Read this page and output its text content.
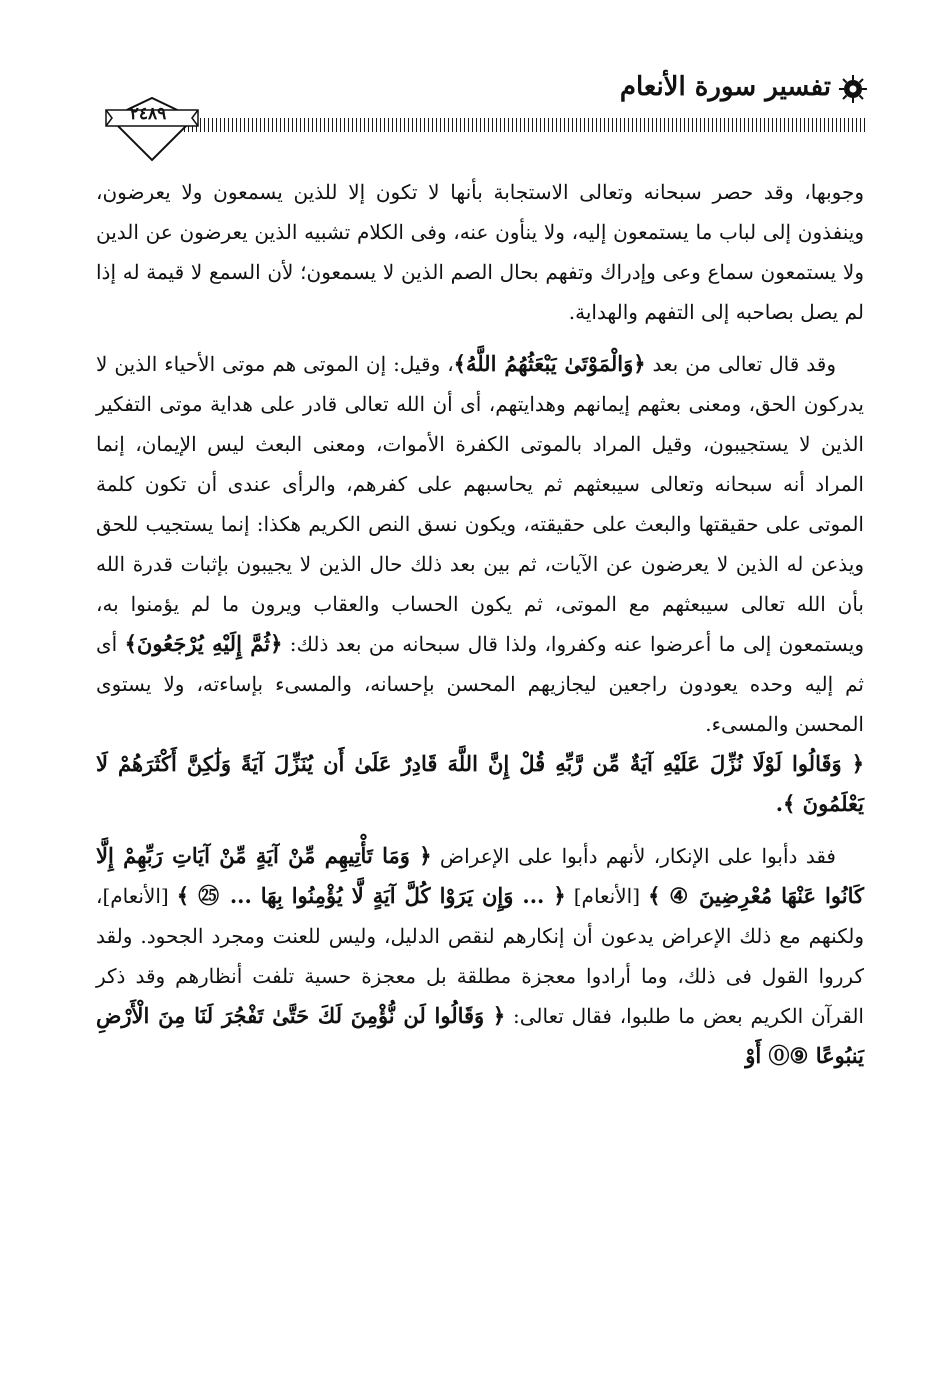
تفسير سورة الأنعام
٢٤٨٩

وجوبها، وقد حصر سبحانه وتعالى الاستجابة بأنها لا تكون إلا للذين يسمعون ولا يعرضون، وينفذون إلى لباب ما يستمعون إليه، ولا ينأون عنه، وفى الكلام تشبيه الذين يعرضون عن الدين ولا يستمعون سماع وعى وإدراك وتفهم بحال الصم الذين لا يسمعون؛ لأن السمع لا قيمة له إذا لم يصل بصاحبه إلى التفهم والهداية.

وقد قال تعالى من بعد ﴿وَالْمَوْتَىٰ يَبْعَثُهُمُ اللَّهُ﴾، وقيل: إن الموتى هم موتى الأحياء الذين لا يدركون الحق، ومعنى بعثهم إيمانهم وهدايتهم، أى أن الله تعالى قادر على هداية موتى التفكير الذين لا يستجيبون، وقيل المراد بالموتى الكفرة الأموات، ومعنى البعث ليس الإيمان، إنما المراد أنه سبحانه وتعالى سيبعثهم ثم يحاسبهم على كفرهم، والرأى عندى أن تكون كلمة الموتى على حقيقتها والبعث على حقيقته، ويكون نسق النص الكريم هكذا: إنما يستجيب للحق ويذعن له الذين لا يعرضون عن الآيات، ثم بين بعد ذلك حال الذين لا يجيبون بإثبات قدرة الله بأن الله تعالى سيبعثهم مع الموتى، ثم يكون الحساب والعقاب ويرون ما لم يؤمنوا به، ويستمعون إلى ما أعرضوا عنه وكفروا، ولذا قال سبحانه من بعد ذلك: ﴿ثُمَّ إِلَيْهِ يُرْجَعُونَ﴾ أى ثم إليه وحده يعودون راجعين ليجازيهم المحسن بإحسانه، والمسىء بإساءته، ولا يستوى المحسن والمسىء.

﴿ وَقَالُوا لَوْلَا نُزِّلَ عَلَيْهِ آيَةٌ مِّن رَّبِّهِ قُلْ إِنَّ اللَّهَ قَادِرٌ عَلَىٰ أَن يُنَزِّلَ آيَةً وَلَٰكِنَّ أَكْثَرَهُمْ لَا يَعْلَمُونَ ﴾.

فقد دأبوا على الإنكار، لأنهم دأبوا على الإعراض ﴿ وَمَا تَأْتِيهِم مِّنْ آيَةٍ مِّنْ آيَاتِ رَبِّهِمْ إِلَّا كَانُوا عَنْهَا مُعْرِضِينَ ④ ﴾ [الأنعام] ﴿ ... وَإِن يَرَوْا كُلَّ آيَةٍ لَّا يُؤْمِنُوا بِهَا ... ㉕ ﴾ [الأنعام]، ولكنهم مع ذلك الإعراض يدعون أن إنكارهم لنقص الدليل، وليس للعنت ومجرد الجحود. ولقد كرروا القول فى ذلك، وما أرادوا معجزة مطلقة بل معجزة حسية تلفت أنظارهم وقد ذكر القرآن الكريم بعض ما طلبوا، فقال تعالى: ﴿ وَقَالُوا لَن نُّؤْمِنَ لَكَ حَتَّىٰ تَفْجُرَ لَنَا مِنَ الْأَرْضِ يَنبُوعًا ⑨⓪ أَوْ
